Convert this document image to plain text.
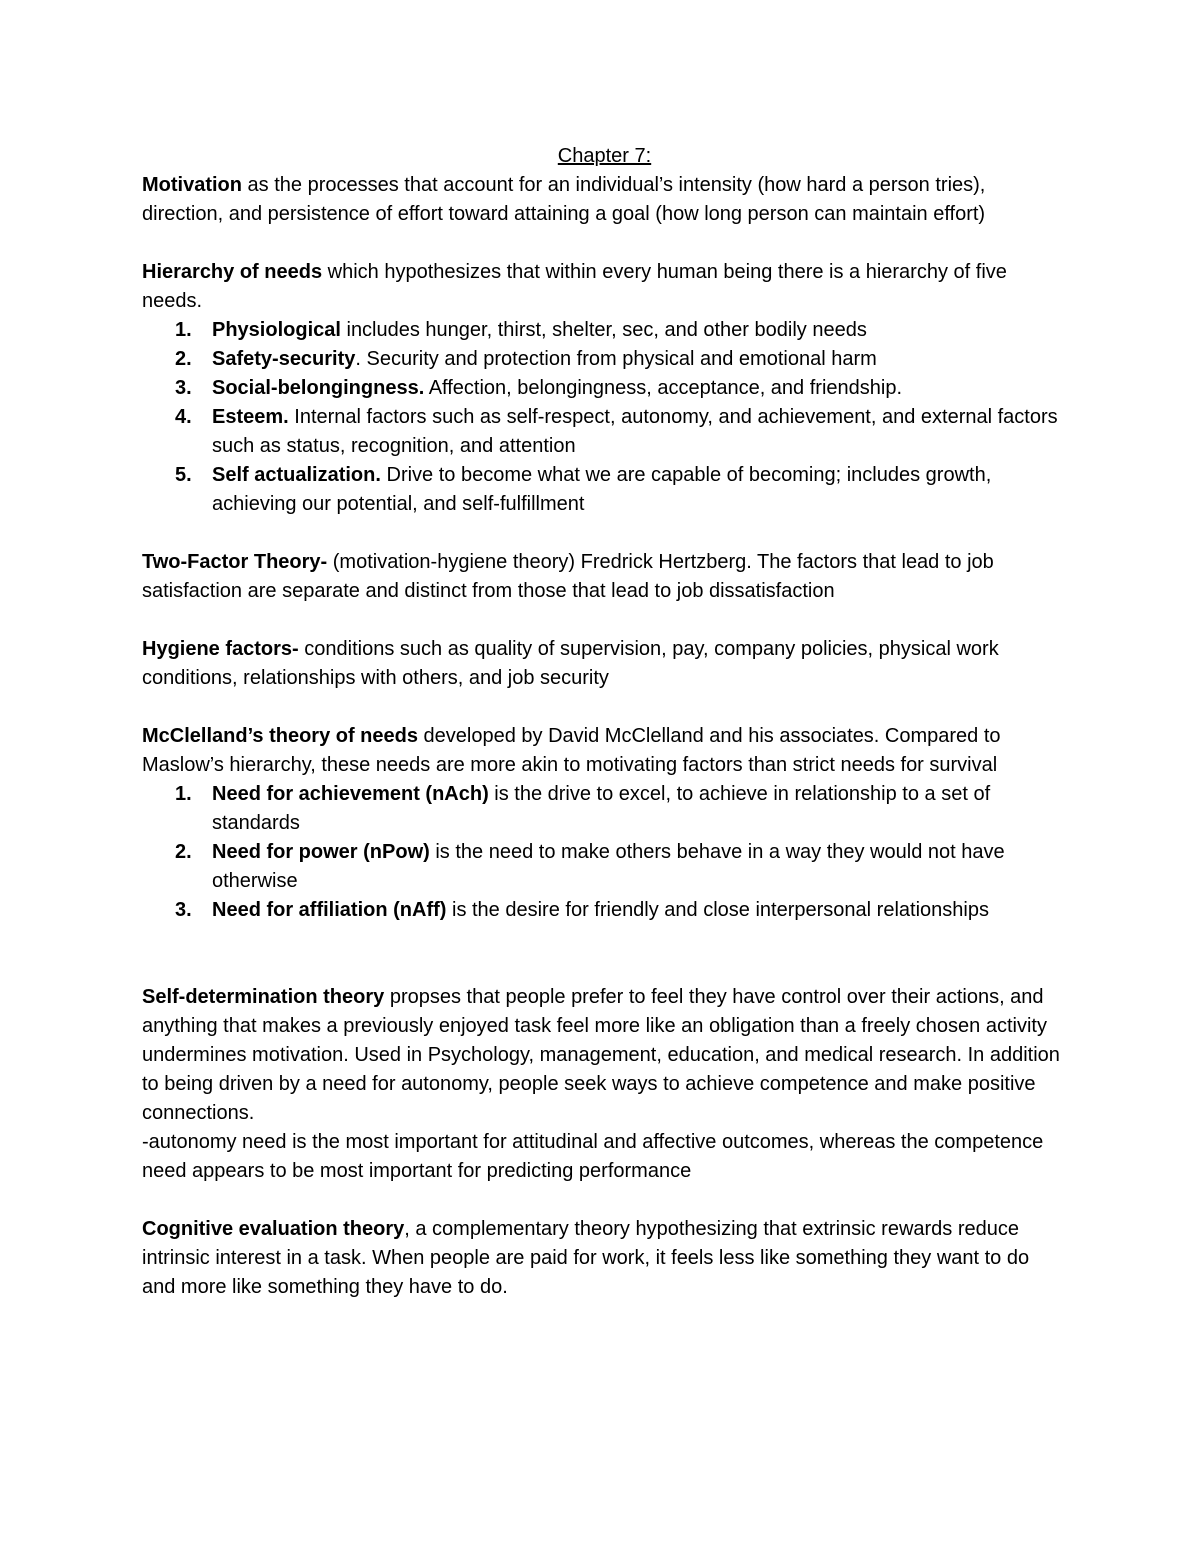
Chapter 7:

Motivation as the processes that account for an individual’s intensity (how hard a person tries), direction, and persistence of effort toward attaining a goal (how long person can maintain effort)

Hierarchy of needs which hypothesizes that within every human being there is a hierarchy of five needs.

1. Physiological includes hunger, thirst, shelter, sec, and other bodily needs
2. Safety-security. Security and protection from physical and emotional harm
3. Social-belongingness. Affection, belongingness, acceptance, and friendship.
4. Esteem. Internal factors such as self-respect, autonomy, and achievement, and external factors such as status, recognition, and attention
5. Self actualization. Drive to become what we are capable of becoming; includes growth, achieving our potential, and self-fulfillment

Two-Factor Theory- (motivation-hygiene theory) Fredrick Hertzberg. The factors that lead to job satisfaction are separate and distinct from those that lead to job dissatisfaction

Hygiene factors- conditions such as quality of supervision, pay, company policies, physical work conditions, relationships with others, and job security

McClelland’s theory of needs developed by David McClelland and his associates. Compared to Maslow’s hierarchy, these needs are more akin to motivating factors than strict needs for survival

1. Need for achievement (nAch) is the drive to excel, to achieve in relationship to a set of standards
2. Need for power (nPow) is the need to make others behave in a way they would not have otherwise
3. Need for affiliation (nAff) is the desire for friendly and close interpersonal relationships

Self-determination theory propses that people prefer to feel they have control over their actions, and anything that makes a previously enjoyed task feel more like an obligation than a freely chosen activity undermines motivation. Used in Psychology, management, education, and medical research. In addition to being driven by a need for autonomy, people seek ways to achieve competence and make positive connections.

-autonomy need is the most important for attitudinal and affective outcomes, whereas the competence need appears to be most important for predicting performance

Cognitive evaluation theory, a complementary theory hypothesizing that extrinsic rewards reduce intrinsic interest in a task. When people are paid for work, it feels less like something they want to do and more like something they have to do.
